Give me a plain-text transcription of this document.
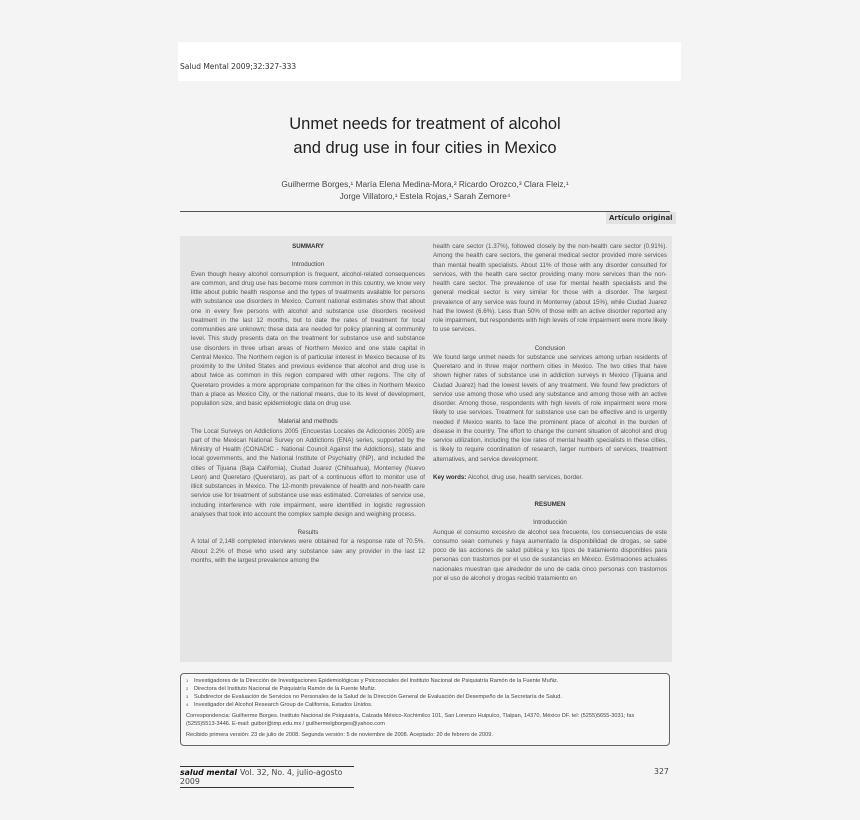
Salud Mental 2009;32:327-333
Unmet needs for treatment of alcohol
and drug use in four cities in Mexico
Guilherme Borges,¹ María Elena Medina-Mora,² Ricardo Orozco,³ Clara Fleiz,¹
Jorge Villatoro,¹ Estela Rojas,¹ Sarah Zemore⁴
Artículo original
SUMMARY
Introduction

Even though heavy alcohol consumption is frequent, alcohol-related consequences are common, and drug use has become more common in this country, we know very little about public health response and the types of treatments available for persons with substance use disorders in Mexico. Current national estimates show that about one in every five persons with alcohol and substance use disorders received treatment in the last 12 months, but to date the rates of treatment for local communities are unknown; these data are needed for policy planning at community level. This study presents data on the treatment for substance use and substance use disorders in three urban areas of Northern Mexico and one state capital in Central Mexico. The Northern region is of particular interest in Mexico because of its proximity to the United States and previous evidence that alcohol and drug use is about twice as common in this region compared with other regions. The city of Queretaro provides a more appropriate comparison for the cities in Northern Mexico than a place as Mexico City, or the national means, due to its level of development, population size, and basic epidemiologic data on drug use.

Material and methods

The Local Surveys on Addictions 2005 (Encuestas Locales de Adicciones 2005) are part of the Mexican National Survey on Addictions (ENA) series, supported by the Ministry of Health (CONADIC - National Council Against the Addictions), state and local governments, and the National Institute of Psychiatry (INP), and included the cities of Tijuana (Baja California), Ciudad Juarez (Chihuahua), Monterrey (Nuevo Leon) and Queretaro (Queretaro), as part of a continuous effort to monitor use of illicit substances in Mexico. The 12-month prevalence of health and non-health care service use for treatment of substance use was estimated. Correlates of service use, including interference with role impairment, were identified in logistic regression analyses that took into account the complex sample design and weighing process.

Results

A total of 2,148 completed interviews were obtained for a response rate of 70.5%. About 2.2% of those who used any substance saw any provider in the last 12 months, with the largest prevalence among the

health care sector (1.37%), followed closely by the non-health care sector (0.91%). Among the health care sectors, the general medical sector provided more services than mental health specialists. About 11% of those with any disorder consulted for services, with the health care sector providing many more services than the non-health care sector. The prevalence of use for mental health specialists and the general medical sector is very similar for those with a disorder. The largest prevalence of any service was found in Monterrey (about 15%), while Ciudad Juarez had the lowest (6.6%). Less than 50% of those with an active disorder reported any role impairment, but respondents with high levels of role impairment were more likely to use services.

Conclusion

We found large unmet needs for substance use services among urban residents of Queretaro and in three major northern cities in Mexico. The two cities that have shown higher rates of substance use in addiction surveys in Mexico (Tijuana and Ciudad Juarez) had the lowest levels of any treatment. We found few predictors of service use among those who used any substance and among those with an active disorder. Among those, respondents with high levels of role impairment were more likely to use services. Treatment for substance use can be effective and is urgently needed if Mexico wants to face the prominent place of alcohol in the burden of disease in the country. The effort to change the current situation of alcohol and drug service utilization, including the low rates of mental health specialists in these cities, is likely to require coordination of research, larger numbers of services, treatment alternatives, and service development.

Key words: Alcohol, drug use, health services, border.

RESUMEN
Introducción

Aunque el consumo excesivo de alcohol sea frecuente, los consecuencias de este consumo sean comunes y haya aumentado la disponibilidad de drogas, se sabe poco de las acciones de salud pública y los tipos de tratamiento disponibles para personas con trastornos por el uso de sustancias en México. Estimaciones actuales nacionales muestran que alrededor de uno de cada cinco personas con trastornos por el uso de alcohol y drogas recibió tratamiento en

$^1$ Investigadores de la Dirección de Investigaciones Epidemiológicas y Psicosociales del Instituto Nacional de Psiquiatría Ramón de la Fuente Muñiz.
$^2$ Directora del Instituto Nacional de Psiquiatría Ramón de la Fuente Muñiz.
$^3$ Subdirector de Evaluación de Servicios no Personales de la Salud de la Dirección General de Evaluación del Desempeño de la Secretaría de Salud.
$^4$ Investigador del Alcohol Research Group de California, Estados Unidos.
Correspondencia: Guilherme Borges. Instituto Nacional de Psiquiatría, Calzada México-Xochimilco 101, San Lorenzo Huipulco, Tlalpan, 14370, México DF. tel: (5255)5655-3031; fax (5255)5513-3446. E-mail: guibor@imp.edu.mx / guilhermelgborges@yahoo.com
Recibido primera versión: 23 de julio de 2008. Segunda versión: 5 de noviembre de 2008. Aceptado: 20 de febrero de 2009.
salud mental Vol. 32, No. 4, julio-agosto 2009
327
